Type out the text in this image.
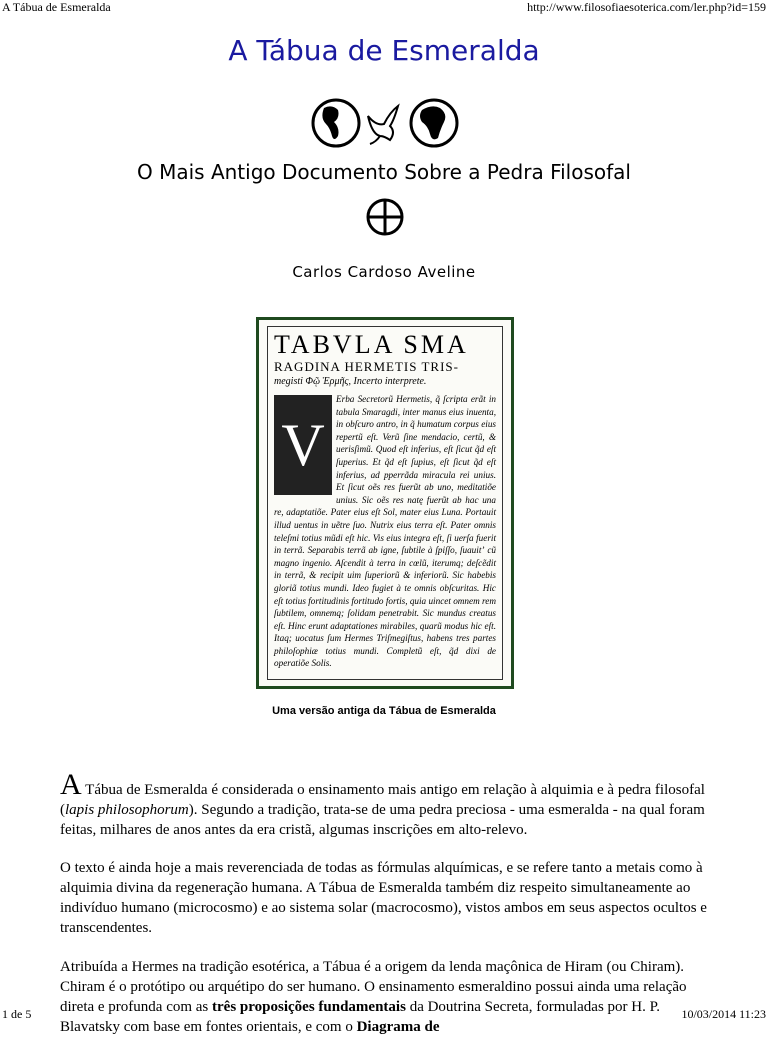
A Tábua de Esmeralda	http://www.filosofiaesoterica.com/ler.php?id=159
A Tábua de Esmeralda
O Mais Antigo Documento Sobre a Pedra Filosofal
Carlos Cardoso Aveline
TABVLA SMA
RAGDINA HERMETIS TRIS-
megisti Φῷ Ἑρμῆς, Incerto interprete.
V
Erba Secretorũ Hermetis, q̃ ſcripta erãt in tabula Smaragdi, inter manus eius inuenta, in obſcuro antro, in q̃ humatum corpus eius repertũ eſt. Verũ ſine mendacio, certũ, & uerisſimũ. Quod eſt inferius, eſt ſicut q̃d eſt ſuperius. Et q̃d eſt ſupius, eſt ſicut q̃d eſt inferius, ad pperrãda miracula rei unius. Et ſicut oẽs res fuerũt ab uno, meditatiõe unius. Sic oẽs res natę fuerũt ab hac una re, adaptatiõe. Pater eius eſt Sol, mater eius Luna. Portauit illud uentus in uẽtre ſuo. Nutrix eius terra eſt. Pater omnis teleſmi totius mũdi eſt hic. Vis eius integra eſt, ſi uerſa fuerit in terrã. Separabis terrã ab igne, ſubtile à ſpiſſo, ſuauitʼ cũ magno ingenio. Aſcendit à terra in cœlũ, iterumq; deſcẽdit in terrã, & recipit uim ſuperiorũ & inferiorũ. Sic habebis gloriã totius mundi. Ideo fugiet à te omnis obſcuritas. Hic eſt totius fortitudinis fortitudo fortis, quia uincet omnem rem ſubtilem, omnemq; ſolidam penetrabit. Sic mundus creatus eſt. Hinc erunt adaptationes mirabiles, quarũ modus hic eſt. Itaq; uocatus ſum Hermes Triſmegiſtus, habens tres partes philoſophiæ totius mundi. Completũ eſt, q̃d dixi de operatiõe Solis.
Uma versão antiga da Tábua de Esmeralda
A Tábua de Esmeralda é considerada o ensinamento mais antigo em relação à alquimia e à pedra filosofal (lapis philosophorum). Segundo a tradição, trata-se de uma pedra preciosa - uma esmeralda - na qual foram feitas, milhares de anos antes da era cristã, algumas inscrições em alto-relevo.
O texto é ainda hoje a mais reverenciada de todas as fórmulas alquímicas, e se refere tanto a metais como à alquimia divina da regeneração humana. A Tábua de Esmeralda também diz respeito simultaneamente ao indivíduo humano (microcosmo) e ao sistema solar (macrocosmo), vistos ambos em seus aspectos ocultos e transcendentes.
Atribuída a Hermes na tradição esotérica, a Tábua é a origem da lenda maçônica de Hiram (ou Chiram). Chiram é o protótipo ou arquétipo do ser humano. O ensinamento esmeraldino possui ainda uma relação direta e profunda com as três proposições fundamentais da Doutrina Secreta, formuladas por H. P. Blavatsky com base em fontes orientais, e com o Diagrama de
1 de 5	10/03/2014 11:23
